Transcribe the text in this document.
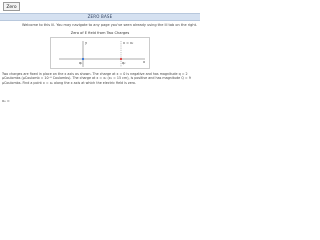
Zero
ZERO BASE
Welcome to this lil. You may navigate to any page you've seen already using the lil tab on the right.
Zero of E field from Two Charges
y
x
q₁	q₂
x = x₂
Two charges are fixed in place on the x axis as shown. The charge at x = 0 is negative and has magnitude q = 2
µCoulombs (µCoulomb = 10⁻⁶ Coulombs). The charge at x = x₂ (x₂ = 15 cm), is positive and has magnitude Q = 9
µCoulombs. Find a point x = x₀ along the x axis at which the electric field is zero.
x₀ =
